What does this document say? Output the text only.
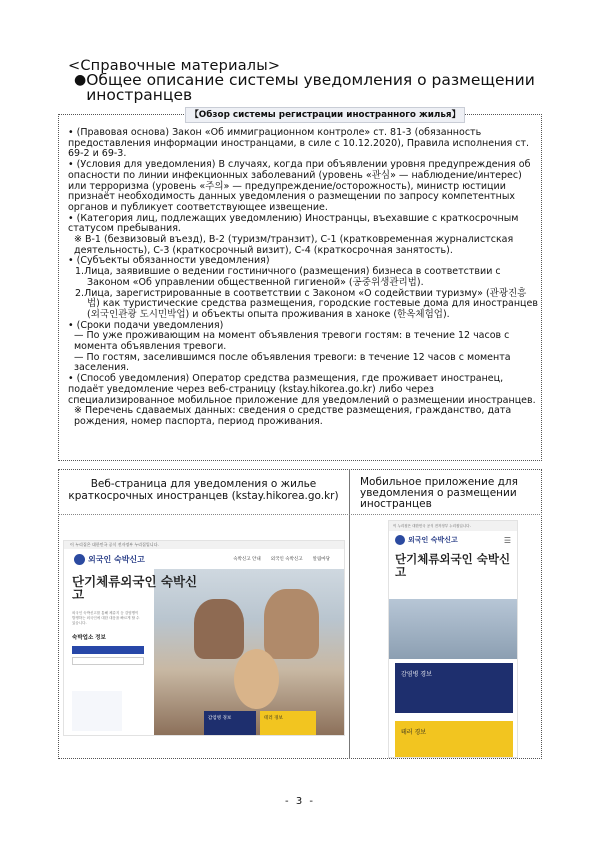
<Справочные материалы>
● Общее описание системы уведомления о размещении иностранцев
【Обзор системы регистрации иностранного жилья】

• (Правовая основа) Закон «Об иммиграционном контроле» ст. 81-3 (обязанность предоставления информации иностранцами, в силе с 10.12.2020), Правила исполнения ст. 69-2 и 69-3.

• (Условия для уведомления) В случаях, когда при объявлении уровня предупреждения об опасности по линии инфекционных заболеваний (уровень «관심» — наблюдение/интерес) или терроризма (уровень «주의» — предупреждение/осторожность), министр юстиции признаёт необходимость данных уведомления о размещении по запросу компетентных органов и публикует соответствующее извещение.

• (Категория лиц, подлежащих уведомлению) Иностранцы, въехавшие с краткосрочным статусом пребывания.

※ B-1 (безвизовый въезд), B-2 (туризм/транзит), C-1 (кратковременная журналистская деятельность), C-3 (краткосрочный визит), C-4 (краткосрочная занятость).

• (Субъекты обязанности уведомления)

1.Лица, заявившие о ведении гостиничного (размещения) бизнеса в соответствии с Законом «Об управлении общественной гигиеной» (공중위생관리법).

2.Лица, зарегистрированные в соответствии с Законом «О содействии туризму» (관광진흥법) как туристические средства размещения, городские гостевые дома для иностранцев (외국인관광 도시민박업) и объекты опыта проживания в ханоке (한옥체험업).

• (Сроки подачи уведомления)

— По уже проживающим на момент объявления тревоги гостям: в течение 12 часов с момента объявления тревоги.

— По гостям, заселившимся после объявления тревоги: в течение 12 часов с момента заселения.

• (Способ уведомления) Оператор средства размещения, где проживает иностранец, подаёт уведомление через веб-страницу (kstay.hikorea.go.kr) либо через специализированное мобильное приложение для уведомлений о размещении иностранцев.

※ Перечень сдаваемых данных: сведения о средстве размещения, гражданство, дата рождения, номер паспорта, период проживания.

Веб-страница для уведомления о жилье краткосрочных иностранцев (kstay.hikorea.go.kr)
Мобильное приложение для уведомления о размещении иностранцев
이 누리집은 대한민국 공식 전자정부 누리집입니다.
외국인 숙박신고	숙박신고 안내 외국인 숙박신고 알림마당
단기체류외국인 숙박신고
외국인 숙박신고를 통해 체류지 등 감염병이 발생하는 외국인에 대한 대응을 빠르게 할 수 있습니다.
숙박업소 정보
감염병 경보	테러 경보
이 누리집은 대한민국 공식 전자정부 누리집입니다.
외국인 숙박신고	☰
단기체류외국인 숙박신고
감염병 경보
테러 경보
- 3 -
